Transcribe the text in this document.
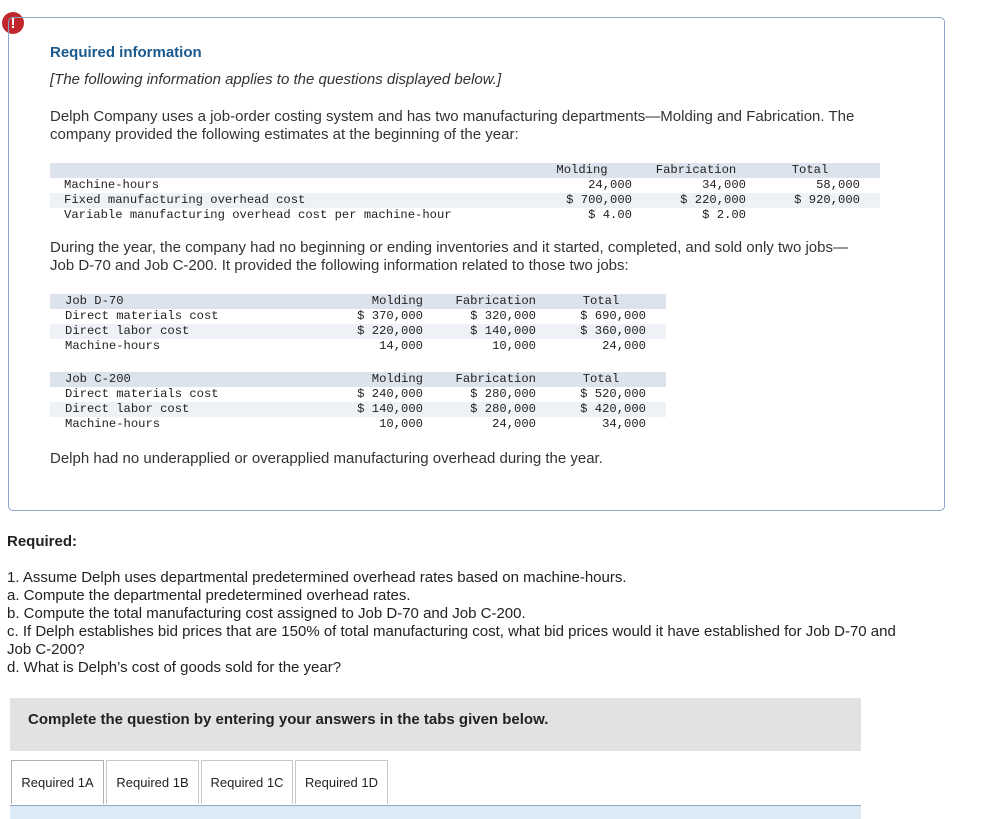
!
Required information
[The following information applies to the questions displayed below.]
Delph Company uses a job-order costing system and has two manufacturing departments—Molding and Fabrication. The
company provided the following estimates at the beginning of the year:
	Molding	Fabrication	Total
Machine-hours	24,000	34,000	58,000
Fixed manufacturing overhead cost	$ 700,000	$ 220,000	$ 920,000
Variable manufacturing overhead cost per machine-hour	$ 4.00	$ 2.00	
During the year, the company had no beginning or ending inventories and it started, completed, and sold only two jobs—
Job D-70 and Job C-200. It provided the following information related to those two jobs:
Job D-70	Molding	Fabrication	Total
Direct materials cost	$ 370,000	$ 320,000	$ 690,000
Direct labor cost	$ 220,000	$ 140,000	$ 360,000
Machine-hours	14,000	10,000	24,000
Job C-200	Molding	Fabrication	Total
Direct materials cost	$ 240,000	$ 280,000	$ 520,000
Direct labor cost	$ 140,000	$ 280,000	$ 420,000
Machine-hours	10,000	24,000	34,000
Delph had no underapplied or overapplied manufacturing overhead during the year.
Required:
1. Assume Delph uses departmental predetermined overhead rates based on machine-hours.
a. Compute the departmental predetermined overhead rates.
b. Compute the total manufacturing cost assigned to Job D-70 and Job C-200.
c. If Delph establishes bid prices that are 150% of total manufacturing cost, what bid prices would it have established for Job D-70 and
Job C-200?
d. What is Delph’s cost of goods sold for the year?
Complete the question by entering your answers in the tabs given below.
Required 1A	Required 1B	Required 1C	Required 1D
